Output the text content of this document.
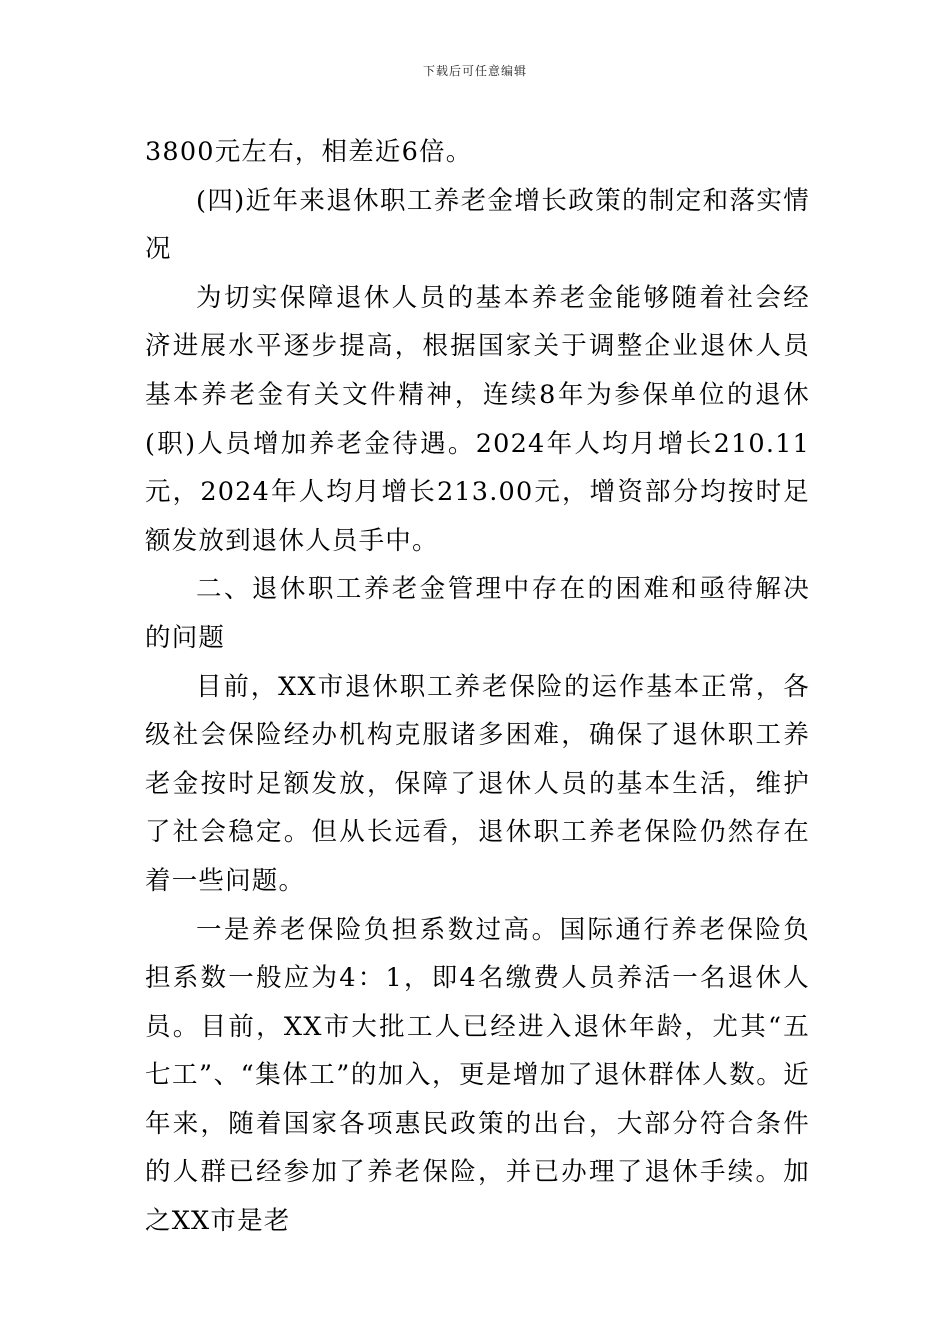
下载后可任意编辑

3800元左右，相差近6倍。

(四)近年来退休职工养老金增长政策的制定和落实情况

为切实保障退休人员的基本养老金能够随着社会经济进展水平逐步提高，根据国家关于调整企业退休人员基本养老金有关文件精神，连续8年为参保单位的退休(职)人员增加养老金待遇。2024年人均月增长210.11元，2024年人均月增长213.00元，增资部分均按时足额发放到退休人员手中。

二、退休职工养老金管理中存在的困难和亟待解决的问题

目前，XX市退休职工养老保险的运作基本正常，各级社会保险经办机构克服诸多困难，确保了退休职工养老金按时足额发放，保障了退休人员的基本生活，维护了社会稳定。但从长远看，退休职工养老保险仍然存在着一些问题。

一是养老保险负担系数过高。国际通行养老保险负担系数一般应为4：1，即4名缴费人员养活一名退休人员。目前，XX市大批工人已经进入退休年龄，尤其“五七工”、“集体工”的加入，更是增加了退休群体人数。近年来，随着国家各项惠民政策的出台，大部分符合条件的人群已经参加了养老保险，并已办理了退休手续。加之XX市是老
